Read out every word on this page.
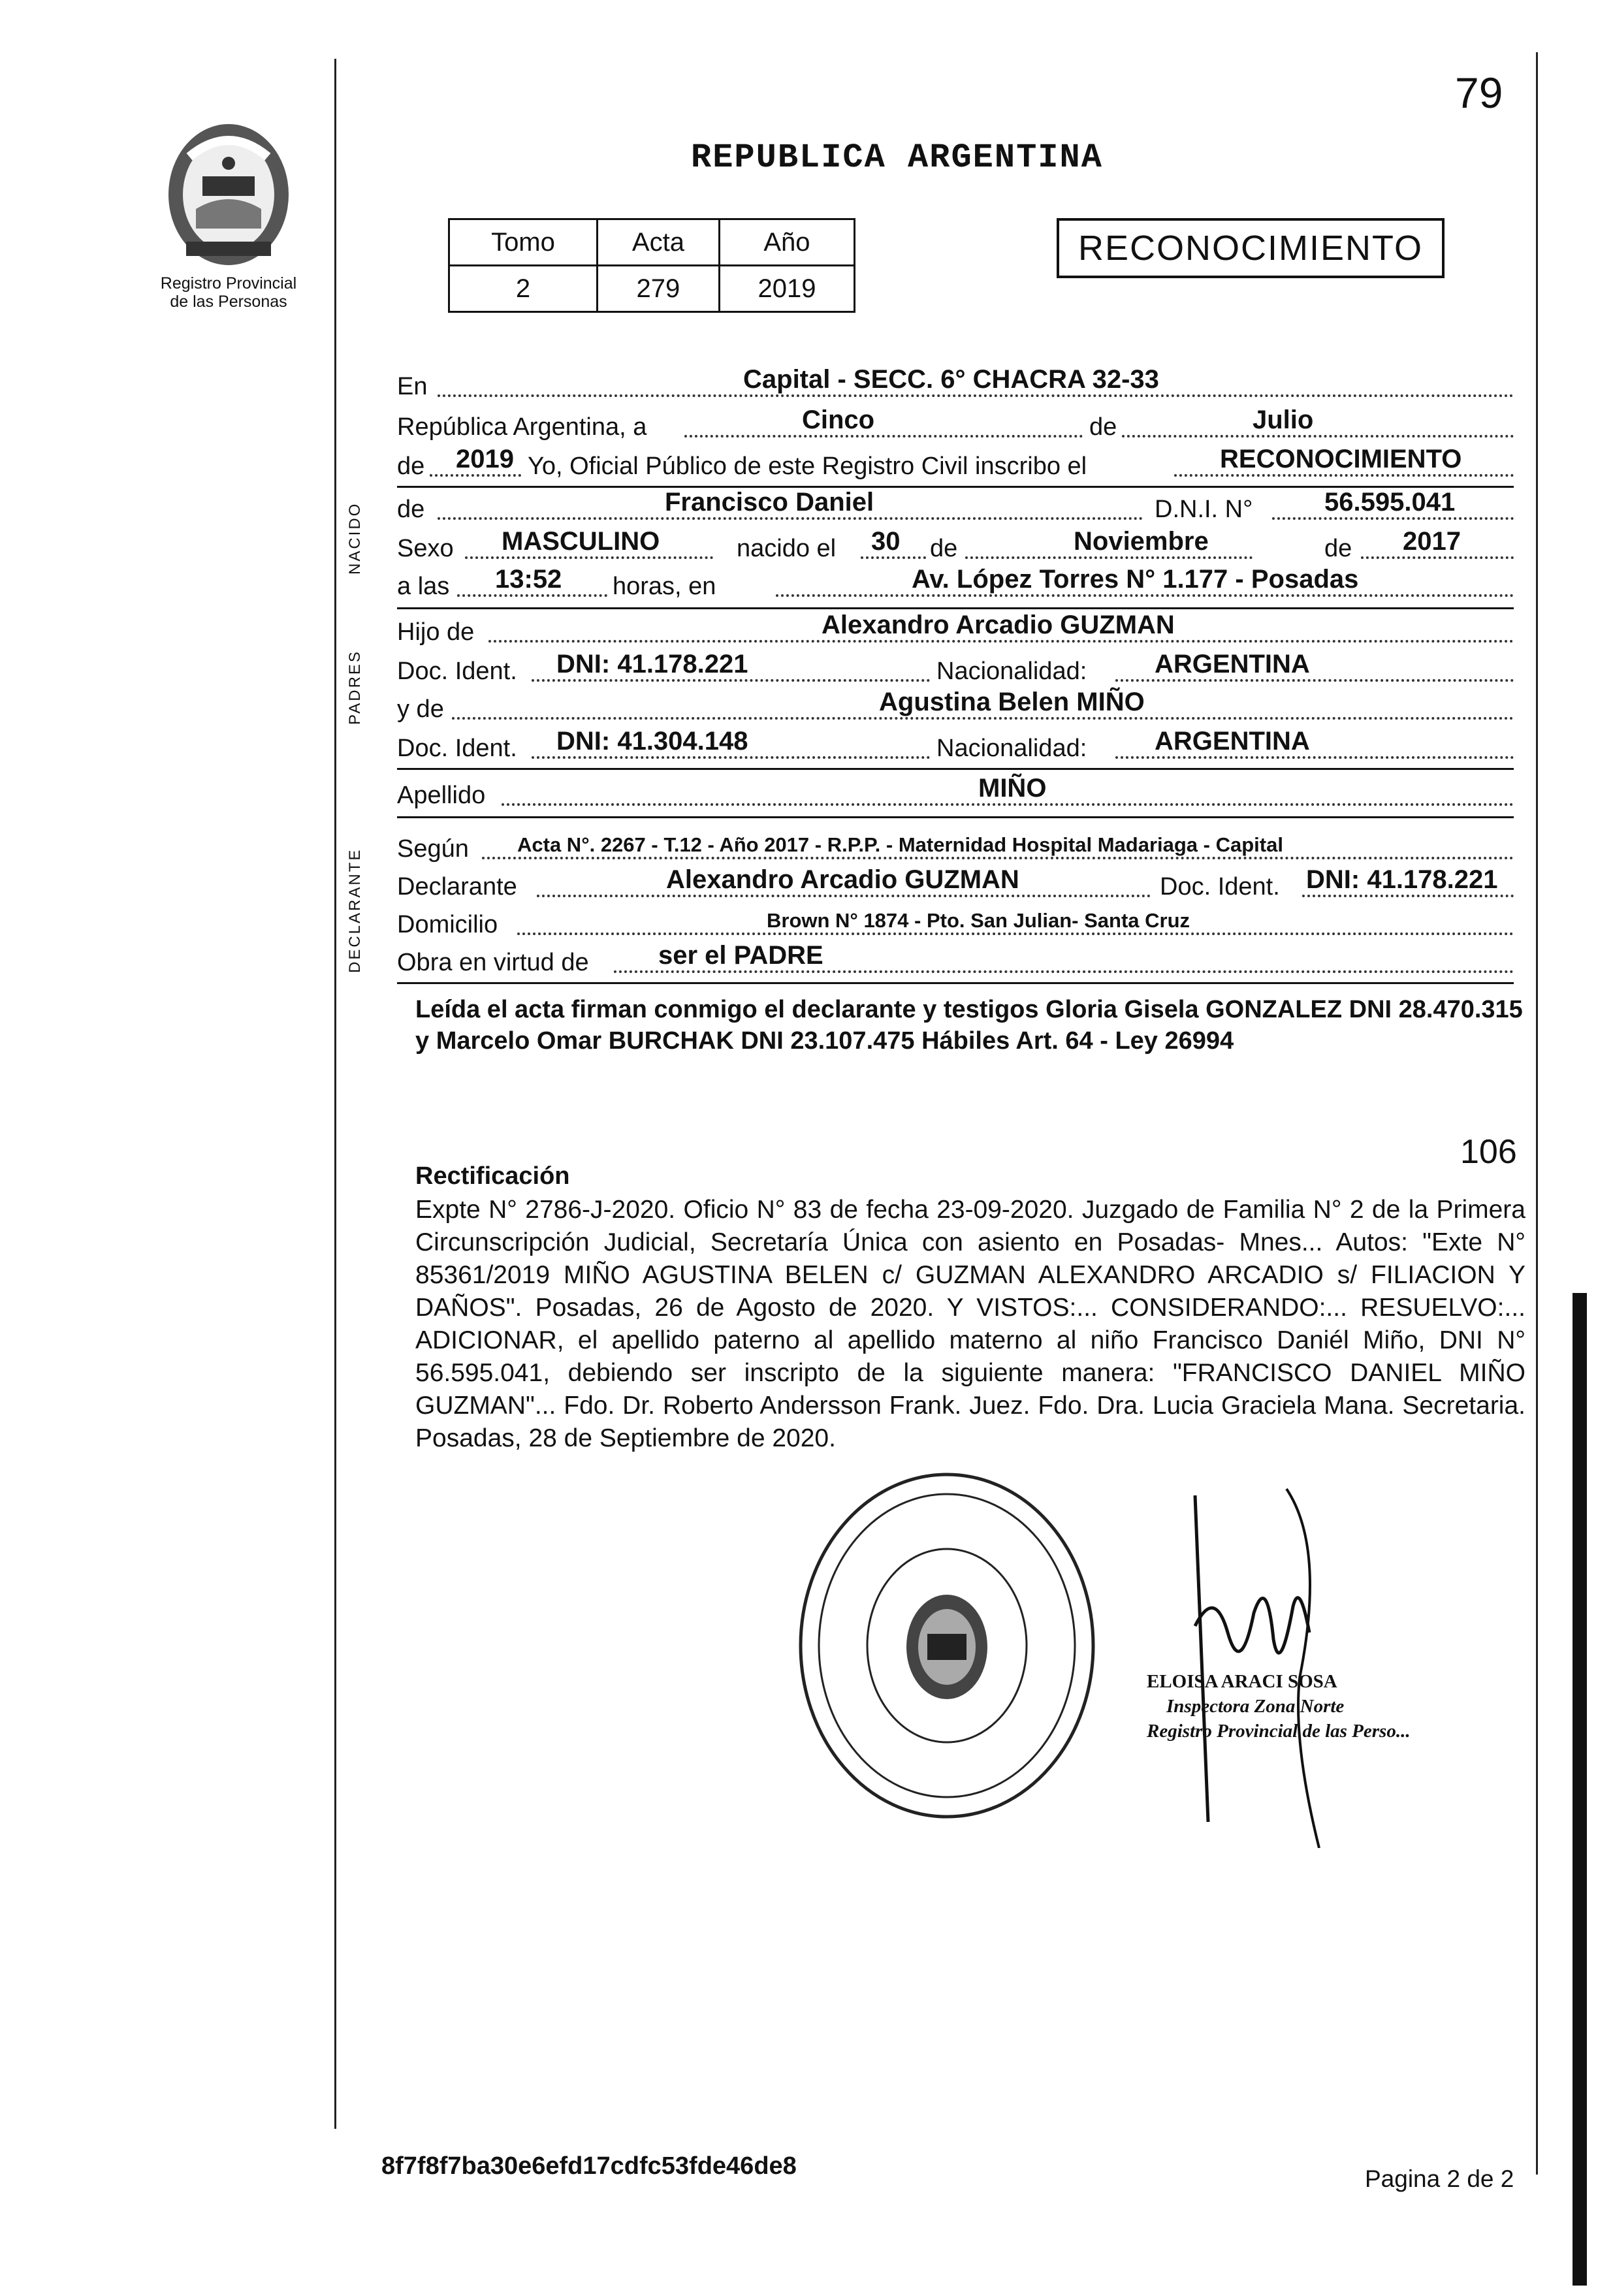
79
Registro Provincial
de las Personas
REPUBLICA ARGENTINA
Tomo	Acta	Año
2	279	2019
RECONOCIMIENTO
NACIDO
PADRES
DECLARANTE
En	Capital - SECC. 6° CHACRA 32-33
República Argentina, a	Cinco	de	Julio
de 2019 Yo, Oficial Público de este Registro Civil inscribo el	RECONOCIMIENTO
de	Francisco Daniel	D.N.I. N°	56.595.041
Sexo MASCULINO	nacido el 30 de	Noviembre	de 2017
a las 13:52 horas, en	Av. López Torres N° 1.177 - Posadas
Hijo de	Alexandro Arcadio GUZMAN
Doc. Ident. DNI: 41.178.221	Nacionalidad:	ARGENTINA
y de	Agustina Belen MIÑO
Doc. Ident. DNI: 41.304.148	Nacionalidad:	ARGENTINA
Apellido	MIÑO
Según Acta N°. 2267 - T.12 - Año 2017 - R.P.P. - Maternidad Hospital Madariaga - Capital
Declarante	Alexandro Arcadio GUZMAN	Doc. Ident. DNI: 41.178.221
Domicilio	Brown N° 1874 - Pto. San Julian- Santa Cruz
Obra en virtud de	ser el PADRE
Leída el acta firman conmigo el declarante y testigos Gloria Gisela GONZALEZ DNI 28.470.315 y Marcelo Omar BURCHAK DNI 23.107.475 Hábiles Art. 64 - Ley 26994
106
Rectificación
Expte N° 2786-J-2020. Oficio N° 83 de fecha 23-09-2020. Juzgado de Familia N° 2 de la Primera Circunscripción Judicial, Secretaría Única con asiento en Posadas- Mnes... Autos: "Exte N° 85361/2019 MIÑO AGUSTINA BELEN c/ GUZMAN ALEXANDRO ARCADIO s/ FILIACION Y DAÑOS". Posadas, 26 de Agosto de 2020. Y VISTOS:... CONSIDERANDO:... RESUELVO:... ADICIONAR, el apellido paterno al apellido materno al niño Francisco Daniél Miño, DNI N° 56.595.041, debiendo ser inscripto de la siguiente manera: "FRANCISCO DANIEL MIÑO GUZMAN"... Fdo. Dr. Roberto Andersson Frank. Juez. Fdo. Dra. Lucia Graciela Mana. Secretaria. Posadas, 28 de Septiembre de 2020.
ELOISA ARACI SOSA
Inspectora Zona Norte
Registro Provincial de las Perso...
8f7f8f7ba30e6efd17cdfc53fde46de8	Pagina 2 de 2
